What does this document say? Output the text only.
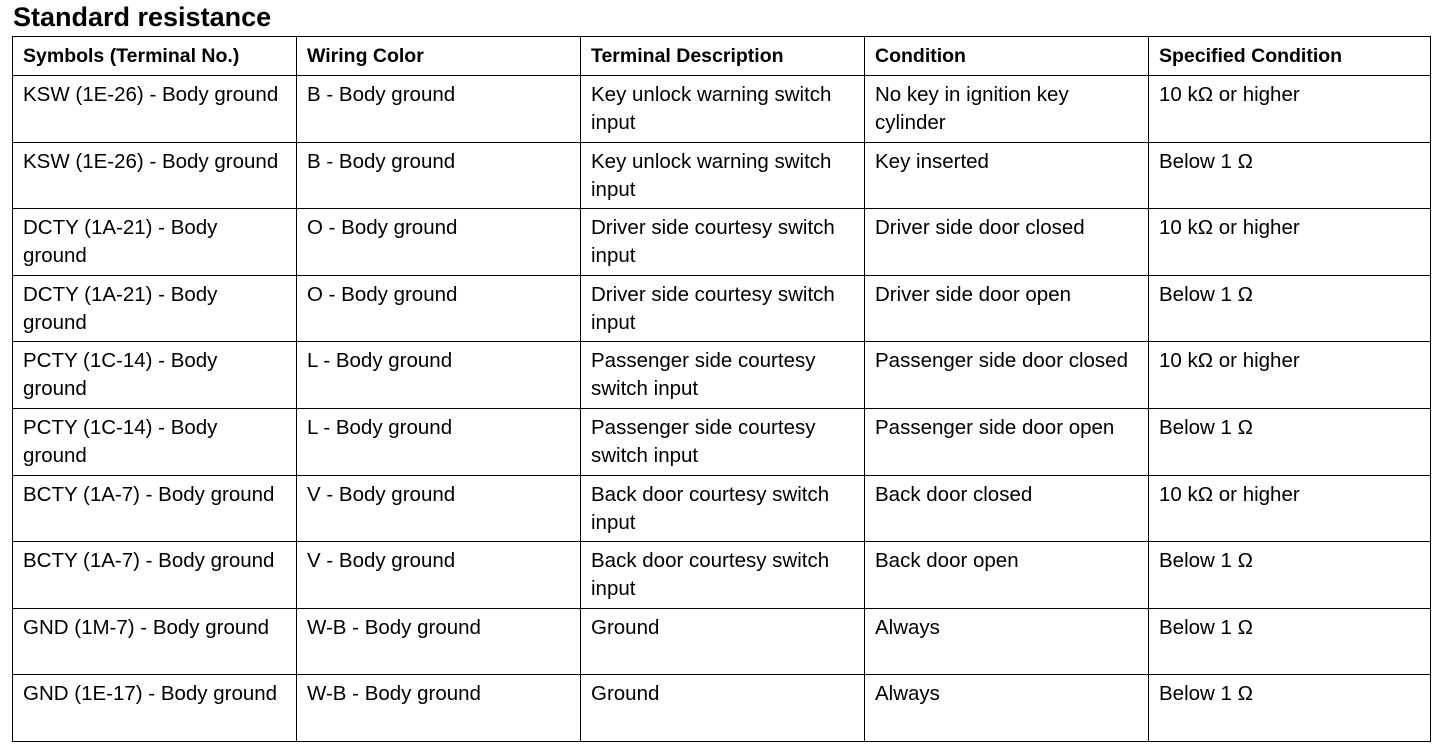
Standard resistance
Symbols (Terminal No.)	Wiring Color	Terminal Description	Condition	Specified Condition
KSW (1E-26) - Body ground	B - Body ground	Key unlock warning switch input	No key in ignition key cylinder	10 kΩ or higher
KSW (1E-26) - Body ground	B - Body ground	Key unlock warning switch input	Key inserted	Below 1 Ω
DCTY (1A-21) - Body ground	O - Body ground	Driver side courtesy switch input	Driver side door closed	10 kΩ or higher
DCTY (1A-21) - Body ground	O - Body ground	Driver side courtesy switch input	Driver side door open	Below 1 Ω
PCTY (1C-14) - Body ground	L - Body ground	Passenger side courtesy switch input	Passenger side door closed	10 kΩ or higher
PCTY (1C-14) - Body ground	L - Body ground	Passenger side courtesy switch input	Passenger side door open	Below 1 Ω
BCTY (1A-7) - Body ground	V - Body ground	Back door courtesy switch input	Back door closed	10 kΩ or higher
BCTY (1A-7) - Body ground	V - Body ground	Back door courtesy switch input	Back door open	Below 1 Ω
GND (1M-7) - Body ground	W-B - Body ground	Ground	Always	Below 1 Ω
GND (1E-17) - Body ground	W-B - Body ground	Ground	Always	Below 1 Ω
